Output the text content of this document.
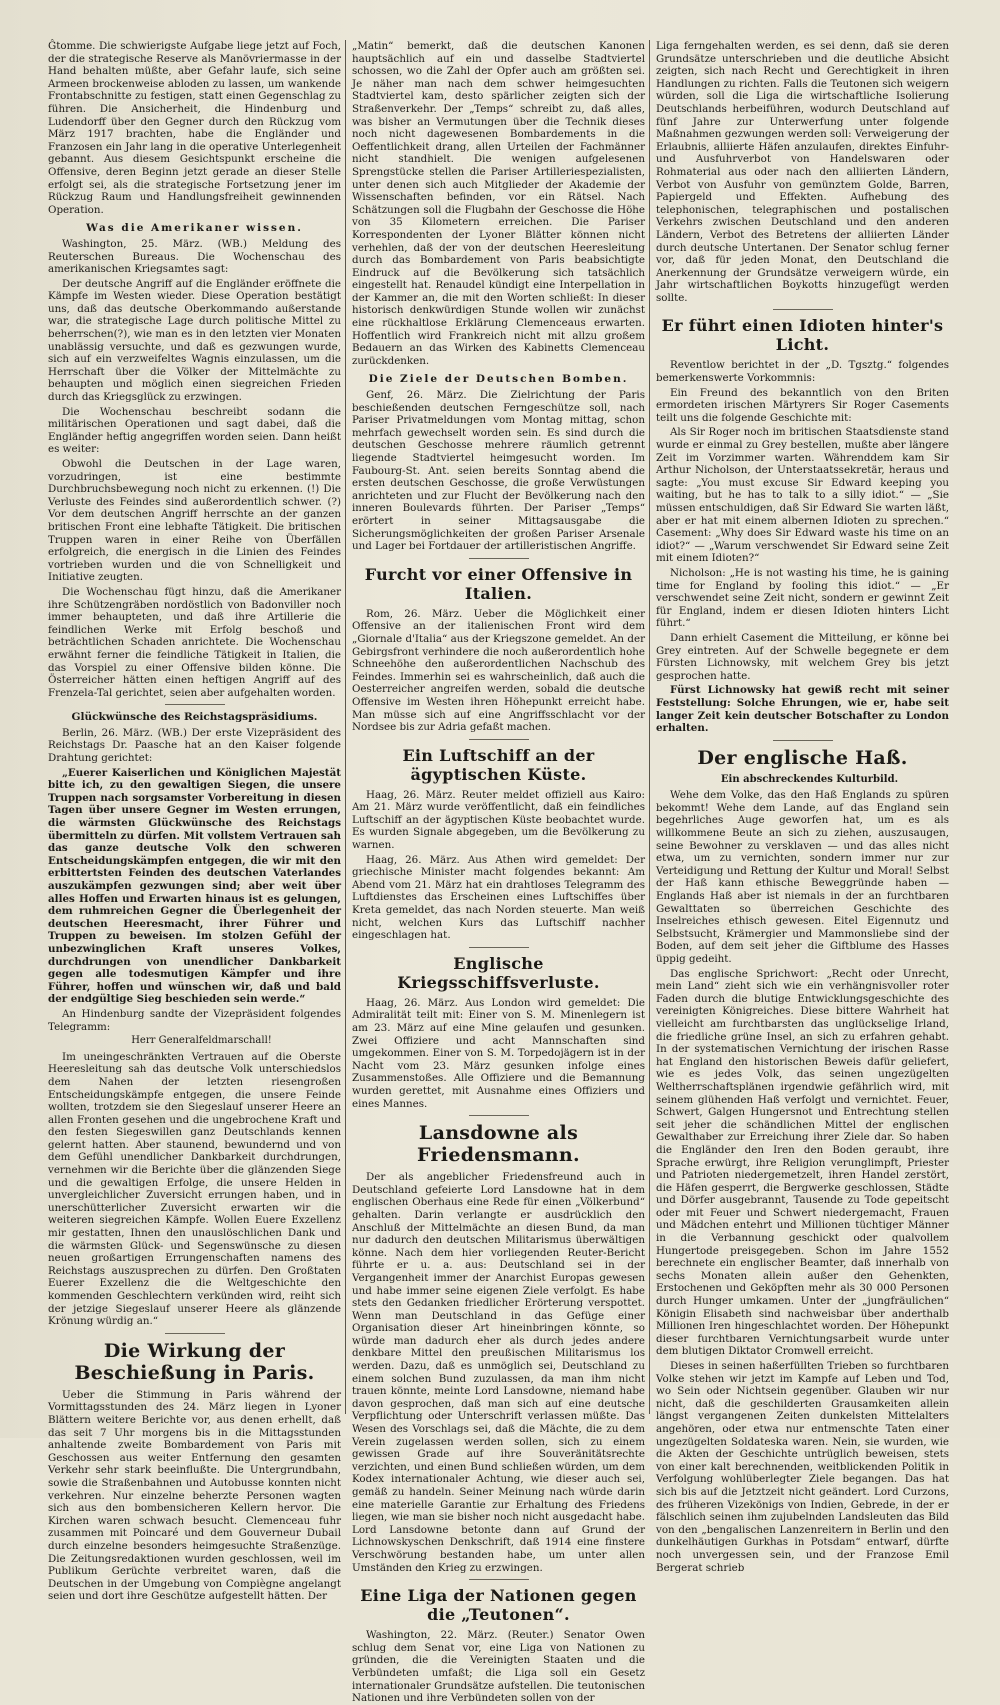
Ĝtomme. Die schwierigste Aufgabe liege jetzt auf Foch, der die strategische Reserve als Manövriermasse in der Hand behalten müßte, aber Gefahr laufe, sich seine Armeen brockenweise abloden zu lassen, um wankende Frontabschnitte zu festigen, statt einen Gegenschlag zu führen. Die Ansicherheit, die Hindenburg und Ludendorff über den Gegner durch den Rückzug vom März 1917 brachten, habe die Engländer und Franzosen ein Jahr lang in die operative Unterlegenheit gebannt. Aus diesem Gesichtspunkt erscheine die Offensive, deren Beginn jetzt gerade an dieser Stelle erfolgt sei, als die strategische Fortsetzung jener im Rückzug Raum und Handlungsfreiheit gewinnenden Operation.

Was die Amerikaner wissen.

Washington, 25. März. (WB.) Meldung des Reuterschen Bureaus. Die Wochenschau des amerikanischen Kriegsamtes sagt:

Der deutsche Angriff auf die Engländer eröffnete die Kämpfe im Westen wieder. Diese Operation bestätigt uns, daß das deutsche Oberkommando außerstande war, die strategische Lage durch politische Mittel zu beherrschen(?), wie man es in den letzten vier Monaten unablässig versuchte, und daß es gezwungen wurde, sich auf ein verzweifeltes Wagnis einzulassen, um die Herrschaft über die Völker der Mittelmächte zu behaupten und möglich einen siegreichen Frieden durch das Kriegsglück zu erzwingen.

Die Wochenschau beschreibt sodann die militärischen Operationen und sagt dabei, daß die Engländer heftig angegriffen worden seien. Dann heißt es weiter:

Obwohl die Deutschen in der Lage waren, vorzudringen, ist eine bestimmte Durchbruchsbewegung noch nicht zu erkennen. (!) Die Verluste des Feindes sind außerordentlich schwer. (?) Vor dem deutschen Angriff herrschte an der ganzen britischen Front eine lebhafte Tätigkeit. Die britischen Truppen waren in einer Reihe von Überfällen erfolgreich, die energisch in die Linien des Feindes vortrieben wurden und die von Schnelligkeit und Initiative zeugten.

Die Wochenschau fügt hinzu, daß die Amerikaner ihre Schützengräben nordöstlich von Badonviller noch immer behaupteten, und daß ihre Artillerie die feindlichen Werke mit Erfolg beschoß und beträchtlichen Schaden anrichtete. Die Wochenschau erwähnt ferner die feindliche Tätigkeit in Italien, die das Vorspiel zu einer Offensive bilden könne. Die Österreicher hätten einen heftigen Angriff auf des Frenzela-Tal gerichtet, seien aber aufgehalten worden.

Glückwünsche des Reichstagspräsidiums.

Berlin, 26. März. (WB.) Der erste Vizepräsident des Reichstags Dr. Paasche hat an den Kaiser folgende Drahtung gerichtet:

„Euerer Kaiserlichen und Königlichen Majestät bitte ich, zu den gewaltigen Siegen, die unsere Truppen nach sorgsamster Vorbereitung in diesen Tagen über unsere Gegner im Westen errungen, die wärmsten Glückwünsche des Reichstags übermitteln zu dürfen. Mit vollstem Vertrauen sah das ganze deutsche Volk den schweren Entscheidungskämpfen entgegen, die wir mit den erbittertsten Feinden des deutschen Vaterlandes auszukämpfen gezwungen sind; aber weit über alles Hoffen und Erwarten hinaus ist es gelungen, dem ruhmreichen Gegner die Überlegenheit der deutschen Heeresmacht, ihrer Führer und Truppen zu beweisen. Im stolzen Gefühl der unbezwinglichen Kraft unseres Volkes, durchdrungen von unendlicher Dankbarkeit gegen alle todesmutigen Kämpfer und ihre Führer, hoffen und wünschen wir, daß und bald der endgültige Sieg beschieden sein werde.“

An Hindenburg sandte der Vizepräsident folgendes Telegramm:

Herr Generalfeldmarschall!

Im uneingeschränkten Vertrauen auf die Oberste Heeresleitung sah das deutsche Volk unterschiedslos dem Nahen der letzten riesengroßen Entscheidungskämpfe entgegen, die unsere Feinde wollten, trotzdem sie den Siegeslauf unserer Heere an allen Fronten gesehen und die ungebrochene Kraft und den festen Siegeswillen ganz Deutschlands kennen gelernt hatten. Aber staunend, bewundernd und von dem Gefühl unendlicher Dankbarkeit durchdrungen, vernehmen wir die Berichte über die glänzenden Siege und die gewaltigen Erfolge, die unsere Helden in unvergleichlicher Zuversicht errungen haben, und in unerschütterlicher Zuversicht erwarten wir die weiteren siegreichen Kämpfe. Wollen Euere Exzellenz mir gestatten, Ihnen den unauslöschlichen Dank und die wärmsten Glück- und Segenswünsche zu diesen neuen großartigen Errungenschaften namens des Reichstags auszusprechen zu dürfen. Den Großtaten Euerer Exzellenz die die Weltgeschichte den kommenden Geschlechtern verkünden wird, reiht sich der jetzige Siegeslauf unserer Heere als glänzende Krönung würdig an.“

Die Wirkung der Beschießung in Paris.

Ueber die Stimmung in Paris während der Vormittagsstunden des 24. März liegen in Lyoner Blättern weitere Berichte vor, aus denen erhellt, daß das seit 7 Uhr morgens bis in die Mittagsstunden anhaltende zweite Bombardement von Paris mit Geschossen aus weiter Entfernung den gesamten Verkehr sehr stark beeinflußte. Die Untergrundbahn, sowie die Straßenbahnen und Autobusse konnten nicht verkehren. Nur einzelne beherzte Personen wagten sich aus den bombensicheren Kellern hervor. Die Kirchen waren schwach besucht. Clemenceau fuhr zusammen mit Poincaré und dem Gouverneur Dubail durch einzelne besonders heimgesuchte Straßenzüge. Die Zeitungsredaktionen wurden geschlossen, weil im Publikum Gerüchte verbreitet waren, daß die Deutschen in der Umgebung von Compiègne angelangt seien und dort ihre Geschütze aufgestellt hätten. Der

„Matin“ bemerkt, daß die deutschen Kanonen hauptsächlich auf ein und dasselbe Stadtviertel schossen, wo die Zahl der Opfer auch am größten sei. Je näher man nach dem schwer heimgesuchten Stadtviertel kam, desto spärlicher zeigten sich der Straßenverkehr. Der „Temps“ schreibt zu, daß alles, was bisher an Vermutungen über die Technik dieses noch nicht dagewesenen Bombardements in die Oeffentlichkeit drang, allen Urteilen der Fachmänner nicht standhielt. Die wenigen aufgelesenen Sprengstücke stellen die Pariser Artilleriespezialisten, unter denen sich auch Mitglieder der Akademie der Wissenschaften befinden, vor ein Rätsel. Nach Schätzungen soll die Flugbahn der Geschosse die Höhe von 35 Kilometern erreichen. Die Pariser Korrespondenten der Lyoner Blätter können nicht verhehlen, daß der von der deutschen Heeresleitung durch das Bombardement von Paris beabsichtigte Eindruck auf die Bevölkerung sich tatsächlich eingestellt hat. Renaudel kündigt eine Interpellation in der Kammer an, die mit den Worten schließt: In dieser historisch denkwürdigen Stunde wollen wir zunächst eine rückhaltlose Erklärung Clemenceaus erwarten. Hoffentlich wird Frankreich nicht mit allzu großem Bedauern an das Wirken des Kabinetts Clemenceau zurückdenken.

Die Ziele der Deutschen Bomben.

Genf, 26. März. Die Zielrichtung der Paris beschießenden deutschen Ferngeschütze soll, nach Pariser Privatmeldungen vom Montag mittag, schon mehrfach gewechselt worden sein. Es sind durch die deutschen Geschosse mehrere räumlich getrennt liegende Stadtviertel heimgesucht worden. Im Faubourg-St. Ant. seien bereits Sonntag abend die ersten deutschen Geschosse, die große Verwüstungen anrichteten und zur Flucht der Bevölkerung nach den inneren Boulevards führten. Der Pariser „Temps“ erörtert in seiner Mittagsausgabe die Sicherungsmöglichkeiten der großen Pariser Arsenale und Lager bei Fortdauer der artilleristischen Angriffe.

Furcht vor einer Offensive in Italien.

Rom, 26. März. Ueber die Möglichkeit einer Offensive an der italienischen Front wird dem „Giornale d'Italia“ aus der Kriegszone gemeldet. An der Gebirgsfront verhindere die noch außerordentlich hohe Schneehöhe den außerordentlichen Nachschub des Feindes. Immerhin sei es wahrscheinlich, daß auch die Oesterreicher angreifen werden, sobald die deutsche Offensive im Westen ihren Höhepunkt erreicht habe. Man müsse sich auf eine Angriffsschlacht vor der Nordsee bis zur Adria gefaßt machen.

Ein Luftschiff an der ägyptischen Küste.

Haag, 26. März. Reuter meldet offiziell aus Kairo: Am 21. März wurde veröffentlicht, daß ein feindliches Luftschiff an der ägyptischen Küste beobachtet wurde. Es wurden Signale abgegeben, um die Bevölkerung zu warnen.

Haag, 26. März. Aus Athen wird gemeldet: Der griechische Minister macht folgendes bekannt: Am Abend vom 21. März hat ein drahtloses Telegramm des Luftdienstes das Erscheinen eines Luftschiffes über Kreta gemeldet, das nach Norden steuerte. Man weiß nicht, welchen Kurs das Luftschiff nachher eingeschlagen hat.

Englische Kriegsschiffsverluste.

Haag, 26. März. Aus London wird gemeldet: Die Admiralität teilt mit: Einer von S. M. Minenlegern ist am 23. März auf eine Mine gelaufen und gesunken. Zwei Offiziere und acht Mannschaften sind umgekommen. Einer von S. M. Torpedojägern ist in der Nacht vom 23. März gesunken infolge eines Zusammenstoßes. Alle Offiziere und die Bemannung wurden gerettet, mit Ausnahme eines Offiziers und eines Mannes.

Lansdowne als Friedensmann.

Der als angeblicher Friedensfreund auch in Deutschland gefeierte Lord Lansdowne hat in dem englischen Oberhaus eine Rede für einen „Völkerbund“ gehalten. Darin verlangte er ausdrücklich den Anschluß der Mittelmächte an diesen Bund, da man nur dadurch den deutschen Militarismus überwältigen könne. Nach dem hier vorliegenden Reuter-Bericht führte er u. a. aus: Deutschland sei in der Vergangenheit immer der Anarchist Europas gewesen und habe immer seine eigenen Ziele verfolgt. Es habe stets den Gedanken friedlicher Erörterung verspottet. Wenn man Deutschland in das Gefüge einer Organisation dieser Art hineinbringen könnte, so würde man dadurch eher als durch jedes andere denkbare Mittel den preußischen Militarismus los werden. Dazu, daß es unmöglich sei, Deutschland zu einem solchen Bund zuzulassen, da man ihm nicht trauen könnte, meinte Lord Lansdowne, niemand habe davon gesprochen, daß man sich auf eine deutsche Verpflichtung oder Unterschrift verlassen müßte. Das Wesen des Vorschlags sei, daß die Mächte, die zu dem Verein zugelassen werden sollen, sich zu einem gewissen Grade auf ihre Souveränitätsrechte verzichten, und einen Bund schließen würden, um dem Kodex internationaler Achtung, wie dieser auch sei, gemäß zu handeln. Seiner Meinung nach würde darin eine materielle Garantie zur Erhaltung des Friedens liegen, wie man sie bisher noch nicht ausgedacht habe. Lord Lansdowne betonte dann auf Grund der Lichnowskyschen Denkschrift, daß 1914 eine finstere Verschwörung bestanden habe, um unter allen Umständen den Krieg zu erzwingen.

Eine Liga der Nationen gegen die „Teutonen“.

Washington, 22. März. (Reuter.) Senator Owen schlug dem Senat vor, eine Liga von Nationen zu gründen, die die Vereinigten Staaten und die Verbündeten umfaßt; die Liga soll ein Gesetz internationaler Grundsätze aufstellen. Die teutonischen Nationen und ihre Verbündeten sollen von der

Liga ferngehalten werden, es sei denn, daß sie deren Grundsätze unterschrieben und die deutliche Absicht zeigten, sich nach Recht und Gerechtigkeit in ihren Handlungen zu richten. Falls die Teutonen sich weigern würden, soll die Liga die wirtschaftliche Isolierung Deutschlands herbeiführen, wodurch Deutschland auf fünf Jahre zur Unterwerfung unter folgende Maßnahmen gezwungen werden soll: Verweigerung der Erlaubnis, alliierte Häfen anzulaufen, direktes Einfuhr- und Ausfuhrverbot von Handelswaren oder Rohmaterial aus oder nach den alliierten Ländern, Verbot von Ausfuhr von gemünztem Golde, Barren, Papiergeld und Effekten. Aufhebung des telephonischen, telegraphischen und postalischen Verkehrs zwischen Deutschland und den anderen Ländern, Verbot des Betretens der alliierten Länder durch deutsche Untertanen. Der Senator schlug ferner vor, daß für jeden Monat, den Deutschland die Anerkennung der Grundsätze verweigern würde, ein Jahr wirtschaftlichen Boykotts hinzugefügt werden sollte.

Er führt einen Idioten hinter's Licht.

Reventlow berichtet in der „D. Tgsztg.“ folgendes bemerkenswerte Vorkommnis:

Ein Freund des bekanntlich von den Briten ermordeten irischen Märtyrers Sir Roger Casements teilt uns die folgende Geschichte mit:

Als Sir Roger noch im britischen Staatsdienste stand wurde er einmal zu Grey bestellen, mußte aber längere Zeit im Vorzimmer warten. Währenddem kam Sir Arthur Nicholson, der Unterstaatssekretär, heraus und sagte: „You must excuse Sir Edward keeping you waiting, but he has to talk to a silly idiot.“ — „Sie müssen entschuldigen, daß Sir Edward Sie warten läßt, aber er hat mit einem albernen Idioten zu sprechen.“ Casement: „Why does Sir Edward waste his time on an idiot?“ — „Warum verschwendet Sir Edward seine Zeit mit einem Idioten?“

Nicholson: „He is not wasting his time, he is gaining time for England by fooling this idiot.“ — „Er verschwendet seine Zeit nicht, sondern er gewinnt Zeit für England, indem er diesen Idioten hinters Licht führt.“

Dann erhielt Casement die Mitteilung, er könne bei Grey eintreten. Auf der Schwelle begegnete er dem Fürsten Lichnowsky, mit welchem Grey bis jetzt gesprochen hatte.

Fürst Lichnowsky hat gewiß recht mit seiner Feststellung: Solche Ehrungen, wie er, habe seit langer Zeit kein deutscher Botschafter zu London erhalten.

Der englische Haß.

Ein abschreckendes Kulturbild.

Wehe dem Volke, das den Haß Englands zu spüren bekommt! Wehe dem Lande, auf das England sein begehrliches Auge geworfen hat, um es als willkommene Beute an sich zu ziehen, auszusaugen, seine Bewohner zu versklaven — und das alles nicht etwa, um zu vernichten, sondern immer nur zur Verteidigung und Rettung der Kultur und Moral! Selbst der Haß kann ethische Beweggründe haben — Englands Haß aber ist niemals in der an furchtbaren Gewalttaten so überreichen Geschichte des Inselreiches ethisch gewesen. Eitel Eigennutz und Selbstsucht, Krämergier und Mammonsliebe sind der Boden, auf dem seit jeher die Giftblume des Hasses üppig gedeiht.

Das englische Sprichwort: „Recht oder Unrecht, mein Land“ zieht sich wie ein verhängnisvoller roter Faden durch die blutige Entwicklungsgeschichte des vereinigten Königreiches. Diese bittere Wahrheit hat vielleicht am furchtbarsten das unglückselige Irland, die friedliche grüne Insel, an sich zu erfahren gehabt. In der systematischen Vernichtung der irischen Rasse hat England den historischen Beweis dafür geliefert, wie es jedes Volk, das seinen ungezügelten Weltherrschaftsplänen irgendwie gefährlich wird, mit seinem glühenden Haß verfolgt und vernichtet. Feuer, Schwert, Galgen Hungersnot und Entrechtung stellen seit jeher die schändlichen Mittel der englischen Gewalthaber zur Erreichung ihrer Ziele dar. So haben die Engländer den Iren den Boden geraubt, ihre Sprache erwürgt, ihre Religion verunglimpft, Priester und Patrioten niedergemetzelt, ihren Handel zerstört, die Häfen gesperrt, die Bergwerke geschlossen, Städte und Dörfer ausgebrannt, Tausende zu Tode gepeitscht oder mit Feuer und Schwert niedergemacht, Frauen und Mädchen entehrt und Millionen tüchtiger Männer in die Verbannung geschickt oder qualvollem Hungertode preisgegeben. Schon im Jahre 1552 berechnete ein englischer Beamter, daß innerhalb von sechs Monaten allein außer den Gehenkten, Erstochenen und Geköpften mehr als 30 000 Personen durch Hunger umkamen. Unter der „jungfräulichen“ Königin Elisabeth sind nachweisbar über anderthalb Millionen Iren hingeschlachtet worden. Der Höhepunkt dieser furchtbaren Vernichtungsarbeit wurde unter dem blutigen Diktator Cromwell erreicht.

Dieses in seinen haßerfüllten Trieben so furchtbaren Volke stehen wir jetzt im Kampfe auf Leben und Tod, wo Sein oder Nichtsein gegenüber. Glauben wir nur nicht, daß die geschilderten Grausamkeiten allein längst vergangenen Zeiten dunkelsten Mittelalters angehören, oder etwa nur entmenschte Taten einer ungezügelten Soldateska waren. Nein, sie wurden, wie die Akten der Geschichte untrüglich beweisen, stets von einer kalt berechnenden, weitblickenden Politik in Verfolgung wohlüberlegter Ziele begangen. Das hat sich bis auf die Jetztzeit nicht geändert. Lord Curzons, des früheren Vizekönigs von Indien, Gebrede, in der er fälschlich seinen ihm zujubelnden Landsleuten das Bild von den „bengalischen Lanzenreitern in Berlin und den dunkelhäutigen Gurkhas in Potsdam“ entwarf, dürfte noch unvergessen sein, und der Franzose Emil Bergerat schrieb
